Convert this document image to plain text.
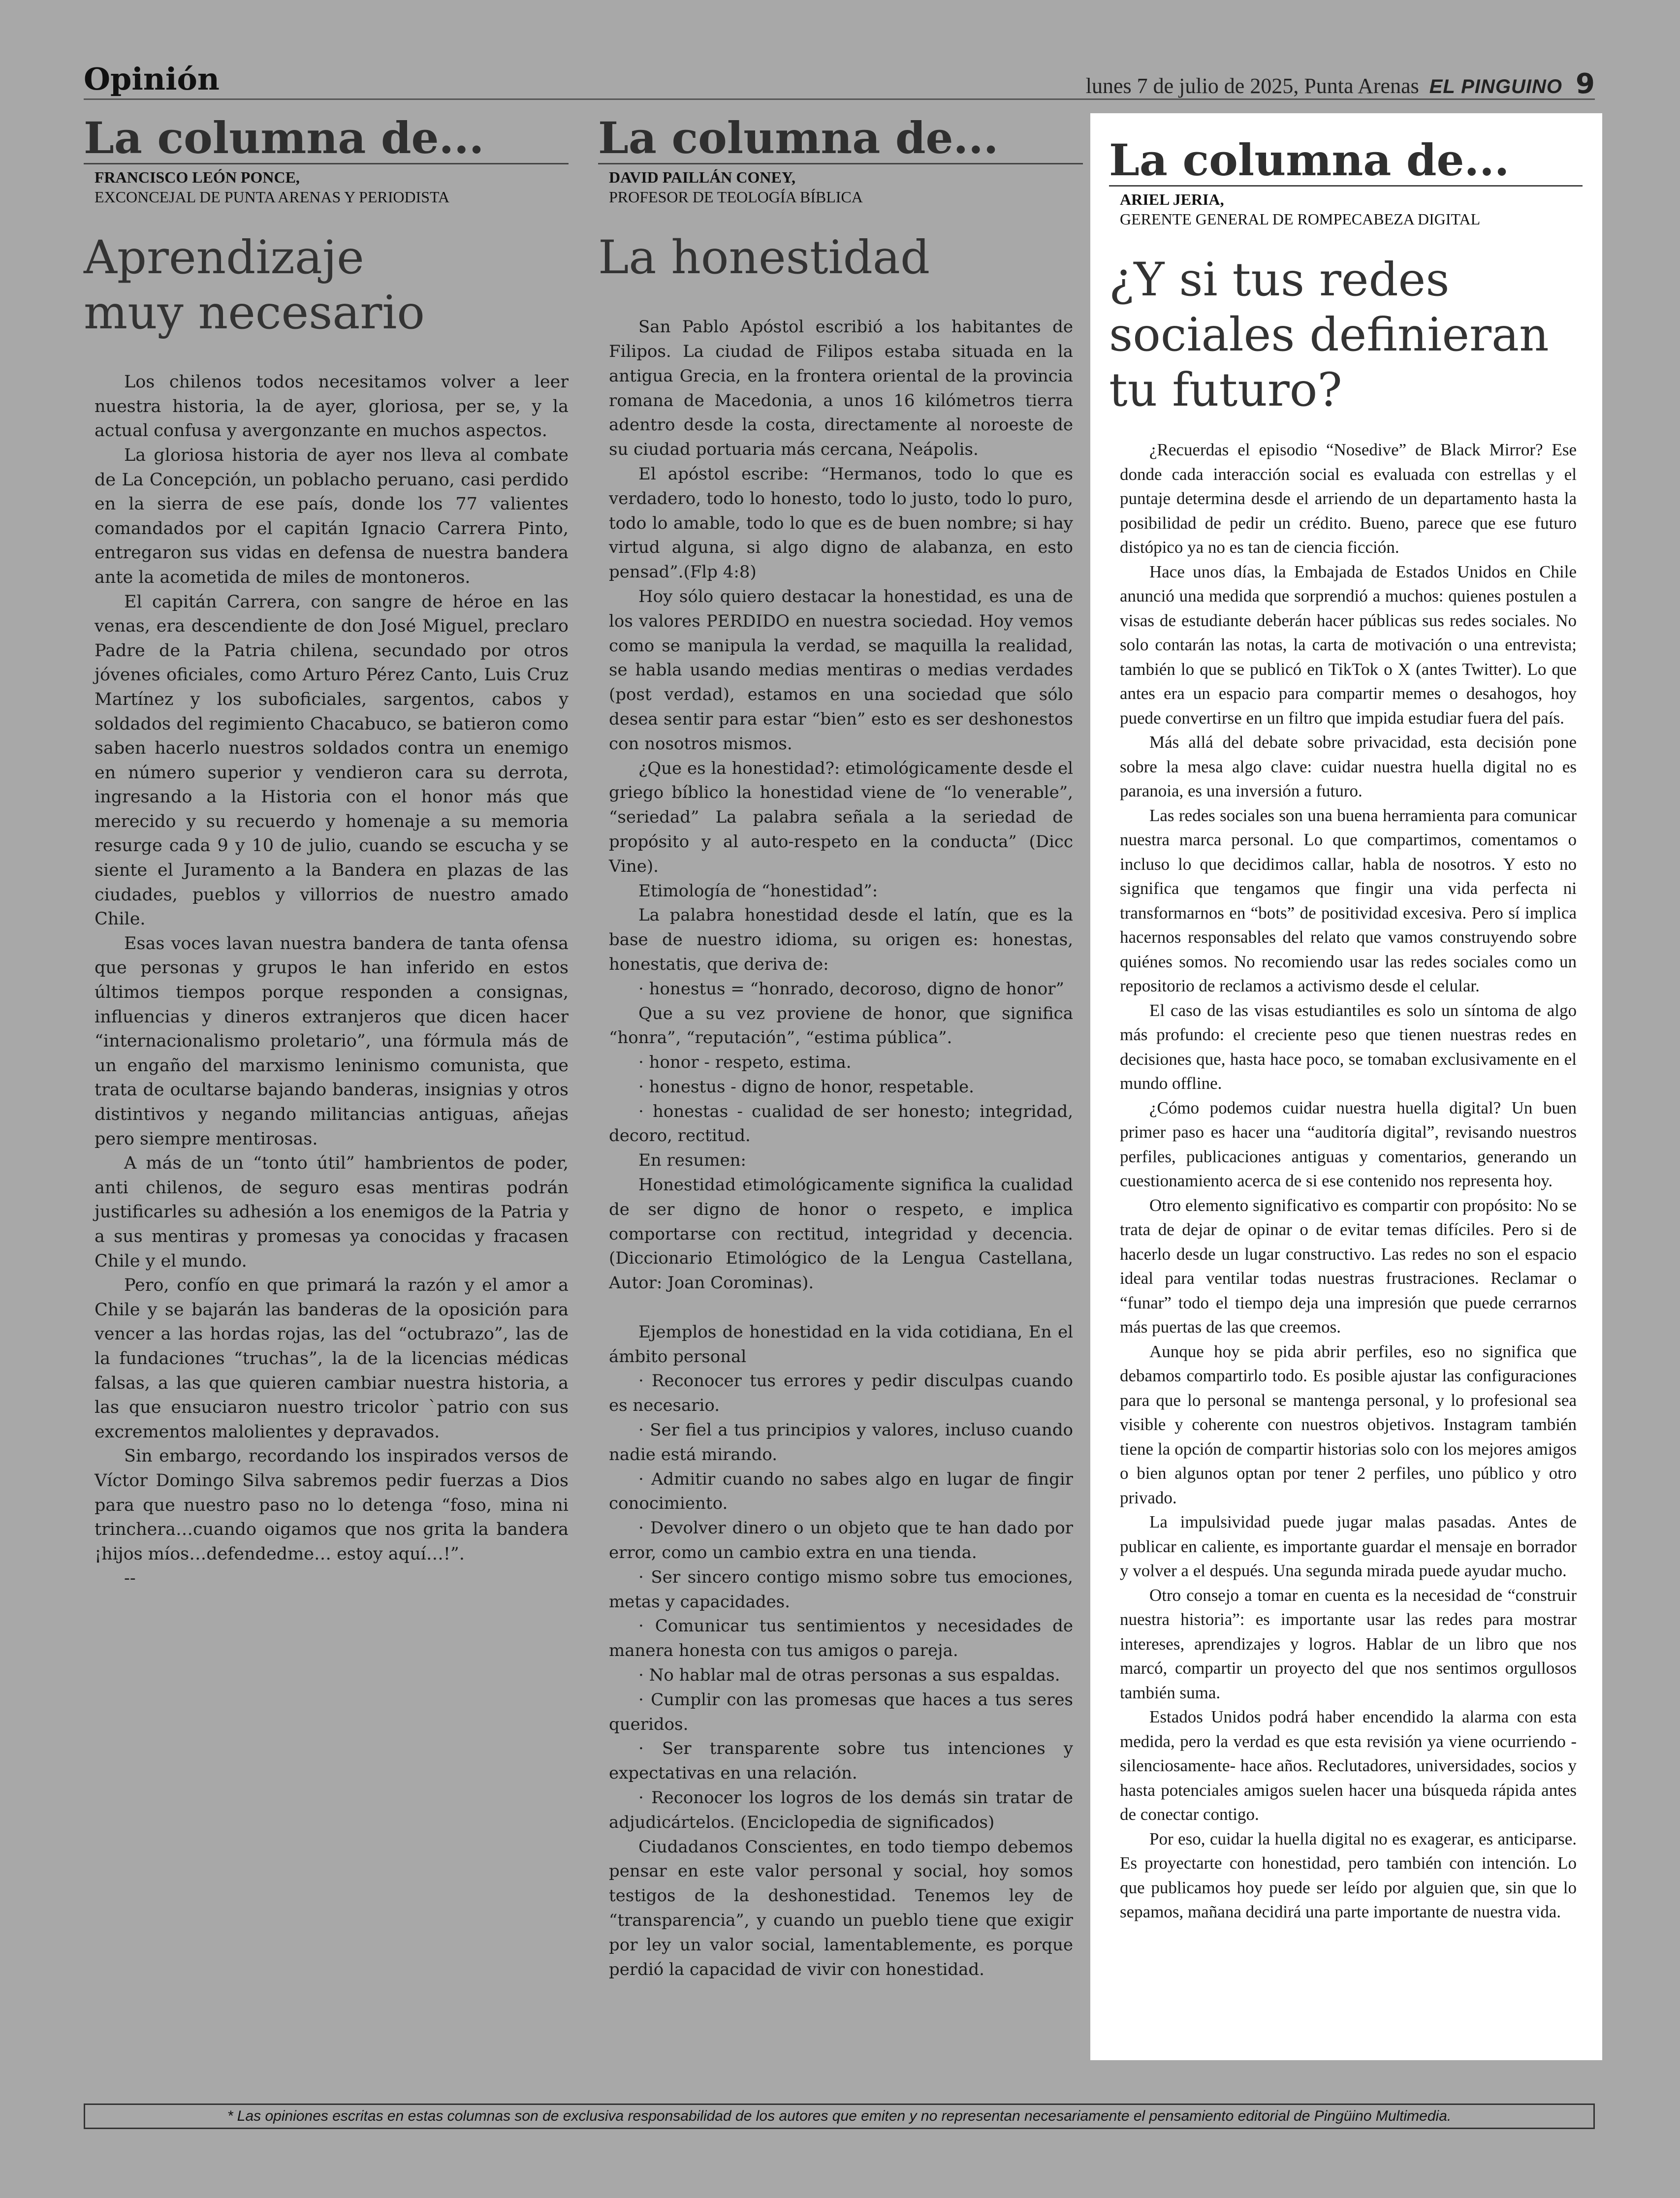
Opinión	lunes 7 de julio de 2025, Punta Arenas EL PINGUINO 9
La columna de...
FRANCISCO LEÓN PONCE,
EXCONCEJAL DE PUNTA ARENAS Y PERIODISTA
Aprendizaje muy necesario

Los chilenos todos necesitamos volver a leer nuestra historia, la de ayer, gloriosa, per se, y la actual confusa y avergonzante en muchos aspectos.

La gloriosa historia de ayer nos lleva al combate de La Concepción, un poblacho peruano, casi perdido en la sierra de ese país, donde los 77 valientes comandados por el capitán Ignacio Carrera Pinto, entregaron sus vidas en defensa de nuestra bandera ante la acometida de miles de montoneros.

El capitán Carrera, con sangre de héroe en las venas, era descendiente de don José Miguel, preclaro Padre de la Patria chilena, secundado por otros jóvenes oficiales, como Arturo Pérez Canto, Luis Cruz Martínez y los suboficiales, sargentos, cabos y soldados del regimiento Chacabuco, se batieron como saben hacerlo nuestros soldados contra un enemigo en número superior y vendieron cara su derrota, ingresando a la Historia con el honor más que merecido y su recuerdo y homenaje a su memoria resurge cada 9 y 10 de julio, cuando se escucha y se siente el Juramento a la Bandera en plazas de las ciudades, pueblos y villorrios de nuestro amado Chile.

Esas voces lavan nuestra bandera de tanta ofensa que personas y grupos le han inferido en estos últimos tiempos porque responden a consignas, influencias y dineros extranjeros que dicen hacer “internacionalismo proletario”, una fórmula más de un engaño del marxismo leninismo comunista, que trata de ocultarse bajando banderas, insignias y otros distintivos y negando militancias antiguas, añejas pero siempre mentirosas.

A más de un “tonto útil” hambrientos de poder, anti chilenos, de seguro esas mentiras podrán justificarles su adhesión a los enemigos de la Patria y a sus mentiras y promesas ya conocidas y fracasen Chile y el mundo.

Pero, confío en que primará la razón y el amor a Chile y se bajarán las banderas de la oposición para vencer a las hordas rojas, las del “octubrazo”, las de la fundaciones “truchas”, la de la licencias médicas falsas, a las que quieren cambiar nuestra historia, a las que ensuciaron nuestro tricolor `patrio con sus excrementos malolientes y depravados.

Sin embargo, recordando los inspirados versos de Víctor Domingo Silva sabremos pedir fuerzas a Dios para que nuestro paso no lo detenga “foso, mina ni trinchera…cuando oigamos que nos grita la bandera ¡hijos míos…defendedme… estoy aquí…!”.

--

La columna de...
DAVID PAILLÁN CONEY,
PROFESOR DE TEOLOGÍA BÍBLICA
La honestidad

San Pablo Apóstol escribió a los habitantes de Filipos. La ciudad de Filipos estaba situada en la antigua Grecia, en la frontera oriental de la provincia romana de Macedonia, a unos 16 kilómetros tierra adentro desde la costa, directamente al noroeste de su ciudad portuaria más cercana, Neápolis.

El apóstol escribe: “Hermanos, todo lo que es verdadero, todo lo honesto, todo lo justo, todo lo puro, todo lo amable, todo lo que es de buen nombre; si hay virtud alguna, si algo digno de alabanza, en esto pensad”.(Flp 4:8)

Hoy sólo quiero destacar la honestidad, es una de los valores PERDIDO en nuestra sociedad. Hoy vemos como se manipula la verdad, se maquilla la realidad, se habla usando medias mentiras o medias verdades (post verdad), estamos en una sociedad que sólo desea sentir para estar “bien” esto es ser deshonestos con nosotros mismos.

¿Que es la honestidad?: etimológicamente desde el griego bíblico la honestidad viene de “lo venerable”, “seriedad” La palabra señala a la seriedad de propósito y al auto-respeto en la conducta” (Dicc Vine).

Etimología de “honestidad”:

La palabra honestidad desde el latín, que es la base de nuestro idioma, su origen es: honestas, honestatis, que deriva de:

· honestus = “honrado, decoroso, digno de honor”

Que a su vez proviene de honor, que significa “honra”, “reputación”, “estima pública”.

· honor - respeto, estima.

· honestus - digno de honor, respetable.

· honestas - cualidad de ser honesto; integridad, decoro, rectitud.

En resumen:

Honestidad etimológicamente significa la cualidad de ser digno de honor o respeto, e implica comportarse con rectitud, integridad y decencia. (Diccionario Etimológico de la Lengua Castellana, Autor: Joan Corominas).

Ejemplos de honestidad en la vida cotidiana, En el ámbito personal

· Reconocer tus errores y pedir disculpas cuando es necesario.

· Ser fiel a tus principios y valores, incluso cuando nadie está mirando.

· Admitir cuando no sabes algo en lugar de fingir conocimiento.

· Devolver dinero o un objeto que te han dado por error, como un cambio extra en una tienda.

· Ser sincero contigo mismo sobre tus emociones, metas y capacidades.

· Comunicar tus sentimientos y necesidades de manera honesta con tus amigos o pareja.

· No hablar mal de otras personas a sus espaldas.

· Cumplir con las promesas que haces a tus seres queridos.

· Ser transparente sobre tus intenciones y expectativas en una relación.

· Reconocer los logros de los demás sin tratar de adjudicártelos. (Enciclopedia de significados)

Ciudadanos Conscientes, en todo tiempo debemos pensar en este valor personal y social, hoy somos testigos de la deshonestidad. Tenemos ley de “transparencia”, y cuando un pueblo tiene que exigir por ley un valor social, lamentablemente, es porque perdió la capacidad de vivir con honestidad.

La columna de...
ARIEL JERIA,
GERENTE GENERAL DE ROMPECABEZA DIGITAL
¿Y si tus redes sociales definieran tu futuro?

¿Recuerdas el episodio “Nosedive” de Black Mirror? Ese donde cada interacción social es evaluada con estrellas y el puntaje determina desde el arriendo de un departamento hasta la posibilidad de pedir un crédito. Bueno, parece que ese futuro distópico ya no es tan de ciencia ficción.

Hace unos días, la Embajada de Estados Unidos en Chile anunció una medida que sorprendió a muchos: quienes postulen a visas de estudiante deberán hacer públicas sus redes sociales. No solo contarán las notas, la carta de motivación o una entrevista; también lo que se publicó en TikTok o X (antes Twitter). Lo que antes era un espacio para compartir memes o desahogos, hoy puede convertirse en un filtro que impida estudiar fuera del país.

Más allá del debate sobre privacidad, esta decisión pone sobre la mesa algo clave: cuidar nuestra huella digital no es paranoia, es una inversión a futuro.

Las redes sociales son una buena herramienta para comunicar nuestra marca personal. Lo que compartimos, comentamos o incluso lo que decidimos callar, habla de nosotros. Y esto no significa que tengamos que fingir una vida perfecta ni transformarnos en “bots” de positividad excesiva. Pero sí implica hacernos responsables del relato que vamos construyendo sobre quiénes somos. No recomiendo usar las redes sociales como un repositorio de reclamos a activismo desde el celular.

El caso de las visas estudiantiles es solo un síntoma de algo más profundo: el creciente peso que tienen nuestras redes en decisiones que, hasta hace poco, se tomaban exclusivamente en el mundo offline.

¿Cómo podemos cuidar nuestra huella digital? Un buen primer paso es hacer una “auditoría digital”, revisando nuestros perfiles, publicaciones antiguas y comentarios, generando un cuestionamiento acerca de si ese contenido nos representa hoy.

Otro elemento significativo es compartir con propósito: No se trata de dejar de opinar o de evitar temas difíciles. Pero si de hacerlo desde un lugar constructivo. Las redes no son el espacio ideal para ventilar todas nuestras frustraciones. Reclamar o “funar” todo el tiempo deja una impresión que puede cerrarnos más puertas de las que creemos.

Aunque hoy se pida abrir perfiles, eso no significa que debamos compartirlo todo. Es posible ajustar las configuraciones para que lo personal se mantenga personal, y lo profesional sea visible y coherente con nuestros objetivos. Instagram también tiene la opción de compartir historias solo con los mejores amigos o bien algunos optan por tener 2 perfiles, uno público y otro privado.

La impulsividad puede jugar malas pasadas. Antes de publicar en caliente, es importante guardar el mensaje en borrador y volver a el después. Una segunda mirada puede ayudar mucho.

Otro consejo a tomar en cuenta es la necesidad de “construir nuestra historia”: es importante usar las redes para mostrar intereses, aprendizajes y logros. Hablar de un libro que nos marcó, compartir un proyecto del que nos sentimos orgullosos también suma.

Estados Unidos podrá haber encendido la alarma con esta medida, pero la verdad es que esta revisión ya viene ocurriendo -silenciosamente- hace años. Reclutadores, universidades, socios y hasta potenciales amigos suelen hacer una búsqueda rápida antes de conectar contigo.

Por eso, cuidar la huella digital no es exagerar, es anticiparse. Es proyectarte con honestidad, pero también con intención. Lo que publicamos hoy puede ser leído por alguien que, sin que lo sepamos, mañana decidirá una parte importante de nuestra vida.

* Las opiniones escritas en estas columnas son de exclusiva responsabilidad de los autores que emiten y no representan necesariamente el pensamiento editorial de Pingüino Multimedia.
